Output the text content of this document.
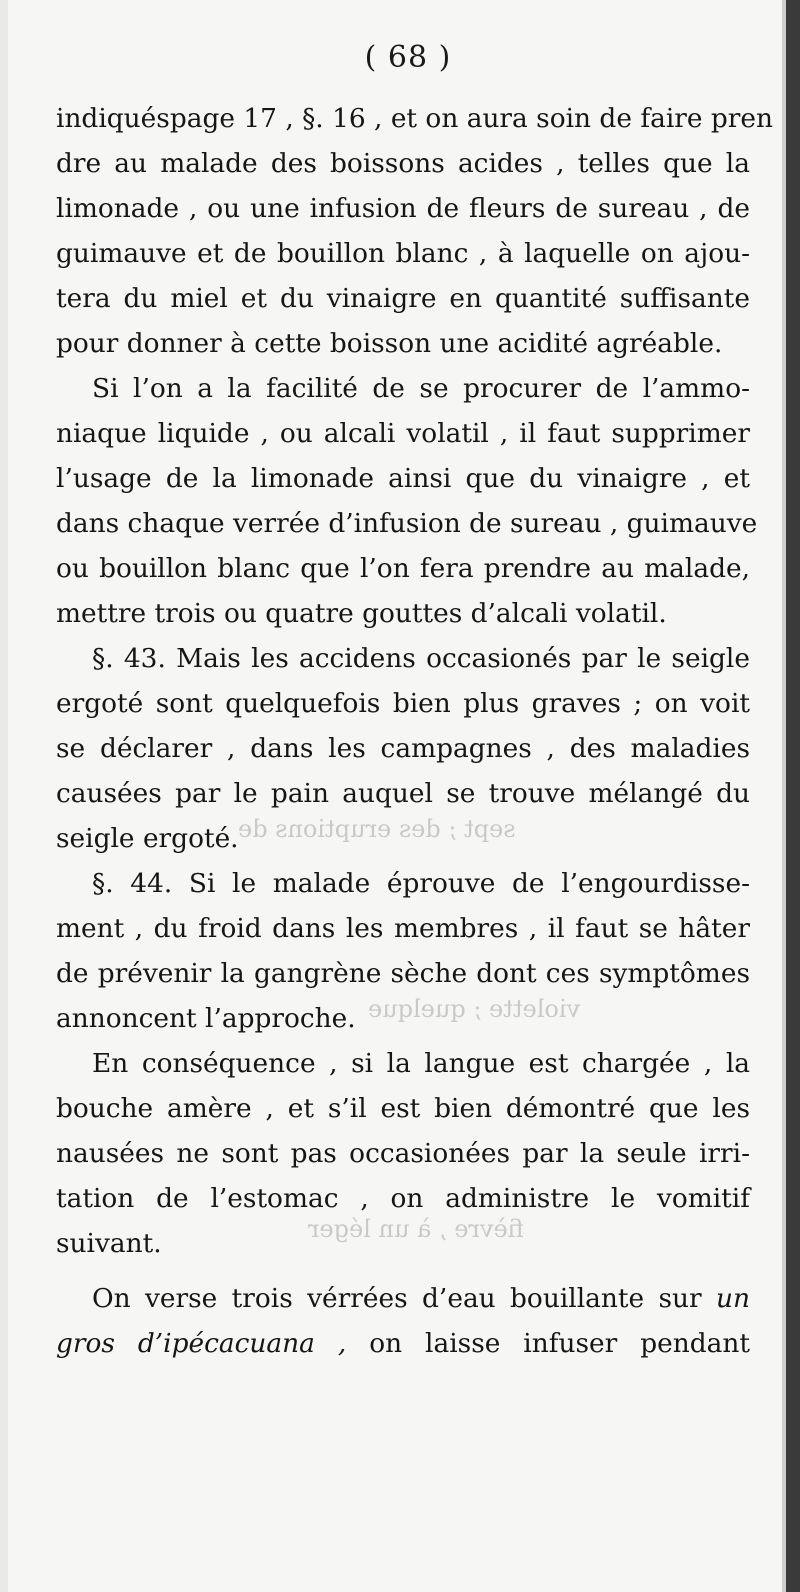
( 68 )
sept ; des eruptions de
violette ; quelque
fièvre , à un léger
indiquéspage 17 , §. 16 , et on aura soin de faire pren
dre au malade des boissons acides , telles que la
limonade , ou une infusion de fleurs de sureau , de
guimauve et de bouillon blanc , à laquelle on ajou-
tera du miel et du vinaigre en quantité suffisante
pour donner à cette boisson une acidité agréable.
Si l’on a la facilité de se procurer de l’ammo-
niaque liquide , ou alcali volatil , il faut supprimer
l’usage de la limonade ainsi que du vinaigre , et
dans chaque verrée d’infusion de sureau , guimauve
ou bouillon blanc que l’on fera prendre au malade,
mettre trois ou quatre gouttes d’alcali volatil.
§. 43. Mais les accidens occasionés par le seigle
ergoté sont quelquefois bien plus graves ; on voit
se déclarer , dans les campagnes , des maladies
causées par le pain auquel se trouve mélangé du
seigle ergoté.
§. 44. Si le malade éprouve de l’engourdisse-
ment , du froid dans les membres , il faut se hâter
de prévenir la gangrène sèche dont ces symptômes
annoncent l’approche.
En conséquence , si la langue est chargée , la
bouche amère , et s’il est bien démontré que les
nausées ne sont pas occasionées par la seule irri-
tation de l’estomac , on administre le vomitif
suivant.
On verse trois vérrées d’eau bouillante sur un
gros d’ipécacuana , on laisse infuser pendant
